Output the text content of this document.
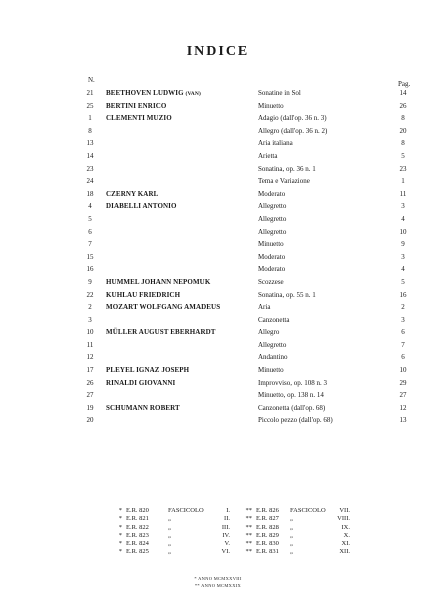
INDICE
N.	Pag.
21	BEETHOVEN LUDWIG (VAN)	Sonatine in Sol	14
25	BERTINI ENRICO	Minuetto	26
1	CLEMENTI MUZIO	Adagio (dall'op. 36 n. 3)	8
8	Allegro (dall'op. 36 n. 2)	20
13	Aria italiana	8
14	Arietta	5
23	Sonatina, op. 36 n. 1	23
24	Tema e Variazione	1
18	CZERNY KARL	Moderato	11
4	DIABELLI ANTONIO	Allegretto	3
5	Allegretto	4
6	Allegretto	10
7	Minuetto	9
15	Moderato	3
16	Moderato	4
9	HUMMEL JOHANN NEPOMUK	Scozzese	5
22	KUHLAU FRIEDRICH	Sonatina, op. 55 n. 1	16
2	MOZART WOLFGANG AMADEUS	Aria	2
3	Canzonetta	3
10	MÜLLER AUGUST EBERHARDT	Allegro	6
11	Allegretto	7
12	Andantino	6
17	PLEYEL IGNAZ JOSEPH	Minuetto	10
26	RINALDI GIOVANNI	Improvviso, op. 108 n. 3	29
27	Minuetto, op. 138 n. 14	27
19	SCHUMANN ROBERT	Canzonetta (dall'op. 68)	12
20	Piccolo pezzo (dall'op. 68)	13
* E.R. 820	FASCICOLO	I.	** E.R. 826 FASCICOLO	VII.
* E.R. 821	„	II.	** E.R. 827 „	VIII.
* E.R. 822	„	III.	** E.R. 828 „	IX.
* E.R. 823	„	IV.	** E.R. 829 „	X.
* E.R. 824	„	V.	** E.R. 830 „	XI.
* E.R. 825	„	VI.	** E.R. 831 „	XII.
* ANNO MCMXXVIII
** ANNO MCMXXIX
